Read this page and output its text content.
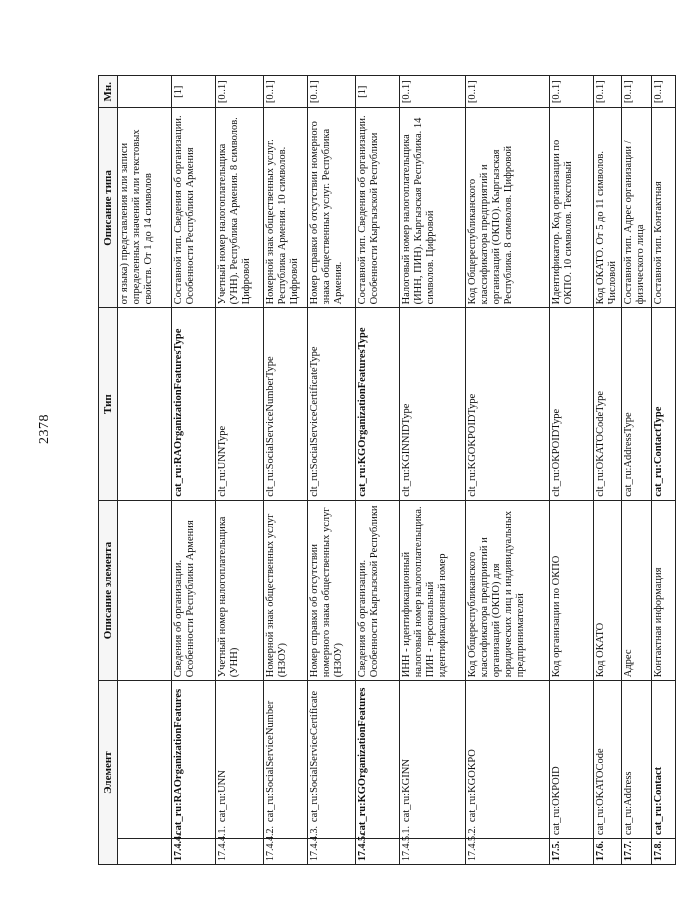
2378
Элемент		Описание элемента	Тип	Описание типа	Мн.
				от языка) представления или записи определенных значений или текстовых свойств. От 1 до 14 символов	
17.4.4.	cat_ru:RAOrganizationFeatures	Сведения об организации. Особенности Республики Армения	cat_ru:RAOrganizationFeaturesType	Составной тип. Сведения об организации. Особенности Республики Армения	[1]
17.4.4.1.	cat_ru:UNN	Учетный номер налогоплательщика (УНН)	clt_ru:UNNType	Учетный номер налогоплательщика (УНН). Республика Армения. 8 символов. Цифровой	[0..1]
17.4.4.2.	cat_ru:SocialServiceNumber	Номерной знак общественных услуг (НЗОУ)	clt_ru:SocialServiceNumberType	Номерной знак общественных услуг. Республика Армения. 10 символов. Цифровой	[0..1]
17.4.4.3.	cat_ru:SocialServiceCertificate	Номер справки об отсутствии номерного знака общественных услуг (НЗОУ)	clt_ru:SocialServiceCertificateType	Номер справки об отсутствии номерного знака общественных услуг. Республика Армения.	[0..1]
17.4.5.	cat_ru:KGOrganizationFeatures	Сведения об организации. Особенности Кыргызской Республики	cat_ru:KGOrganizationFeaturesType	Составной тип. Сведения об организации. Особенности Кыргызской Республики	[1]
17.4.5.1.	cat_ru:KGINN	ИНН - идентификационный налоговый номер налогоплательщика. ПИН - персональный идентификационный номер	clt_ru:KGINNIDType	Налоговый номер налогоплательщика (ИНН, ПИН). Кыргызская Республика. 14 символов. Цифровой	[0..1]
17.4.5.2.	cat_ru:KGOKPO	Код Общереспубликанского классификатора предприятий и организаций (ОКПО) для юридических лиц и индивидуальных предпринимателей	clt_ru:KGOKPOIDType	Код Общереспубликанского классификатора предприятий и организаций (ОКПО). Кыргызская Республика. 8 символов. Цифровой	[0..1]
17.5.	cat_ru:OKPOID	Код организации по ОКПО	clt_ru:OKPOIDType	Идентификатор. Код организации по ОКПО. 10 символов. Текстовый	[0..1]
17.6.	cat_ru:OKATOCode	Код ОКАТО	clt_ru:OKATOCodeType	Код ОКАТО. От 5 до 11 символов. Числовой	[0..1]
17.7.	cat_ru:Address	Адрес	cat_ru:AddressType	Составной тип. Адрес организации / физического лица	[0..1]
17.8.	cat_ru:Contact	Контактная информация	cat_ru:ContactType	Составной тип. Контактная	[0..1]
